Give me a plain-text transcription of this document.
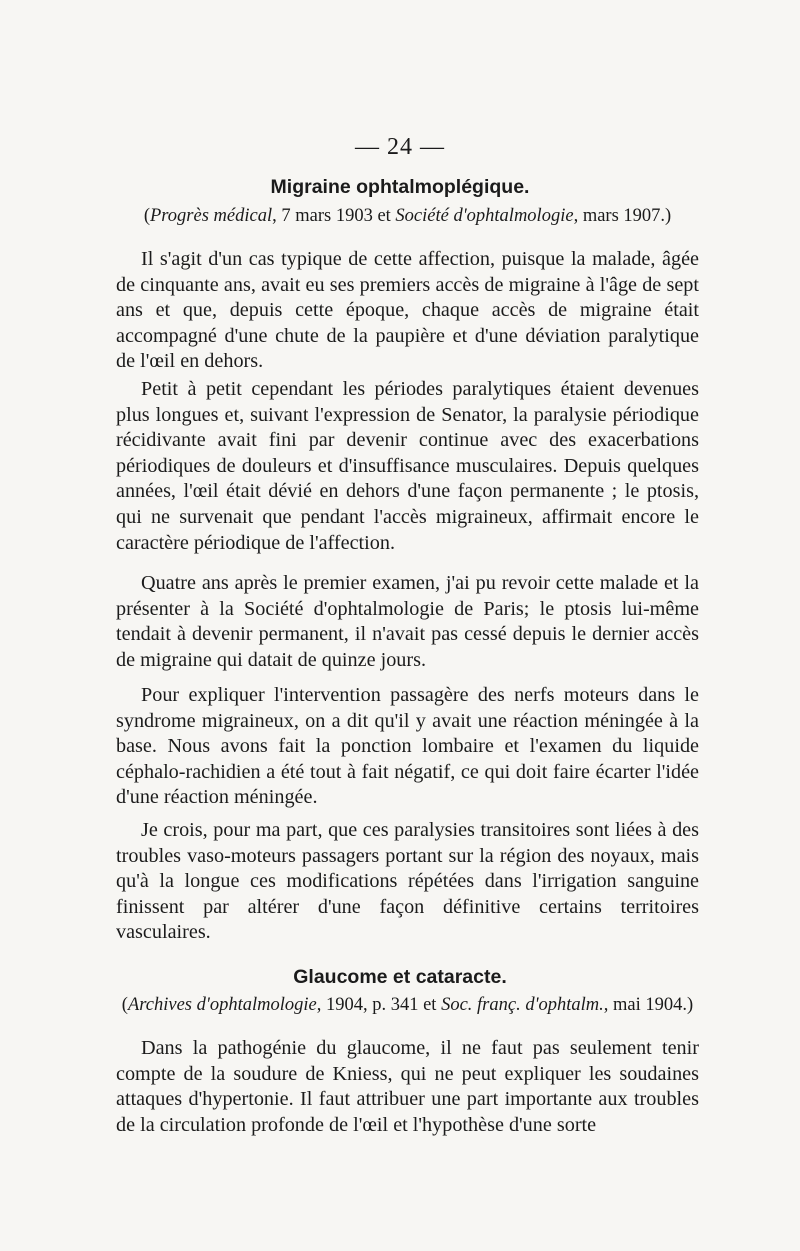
— 24 —
Migraine ophtalmoplégique.
(Progrès médical, 7 mars 1903 et Société d'ophtalmologie, mars 1907.)

Il s'agit d'un cas typique de cette affection, puisque la malade, âgée de cinquante ans, avait eu ses premiers accès de migraine à l'âge de sept ans et que, depuis cette époque, chaque accès de migraine était accompagné d'une chute de la paupière et d'une déviation paralytique de l'œil en dehors.

Petit à petit cependant les périodes paralytiques étaient devenues plus longues et, suivant l'expression de Senator, la paralysie périodique récidivante avait fini par devenir continue avec des exacerbations périodiques de douleurs et d'insuffisance musculaires. Depuis quelques années, l'œil était dévié en dehors d'une façon permanente ; le ptosis, qui ne survenait que pendant l'accès migraineux, affirmait encore le caractère périodique de l'affection.

Quatre ans après le premier examen, j'ai pu revoir cette malade et la présenter à la Société d'ophtalmologie de Paris; le ptosis lui-même tendait à devenir permanent, il n'avait pas cessé depuis le dernier accès de migraine qui datait de quinze jours.

Pour expliquer l'intervention passagère des nerfs moteurs dans le syndrome migraineux, on a dit qu'il y avait une réaction méningée à la base. Nous avons fait la ponction lombaire et l'examen du liquide céphalo-rachidien a été tout à fait négatif, ce qui doit faire écarter l'idée d'une réaction méningée.

Je crois, pour ma part, que ces paralysies transitoires sont liées à des troubles vaso-moteurs passagers portant sur la région des noyaux, mais qu'à la longue ces modifications répétées dans l'irrigation sanguine finissent par altérer d'une façon définitive certains territoires vasculaires.

Glaucome et cataracte.
(Archives d'ophtalmologie, 1904, p. 341 et Soc. franç. d'ophtalm., mai 1904.)

Dans la pathogénie du glaucome, il ne faut pas seulement tenir compte de la soudure de Kniess, qui ne peut expliquer les soudaines attaques d'hypertonie. Il faut attribuer une part importante aux troubles de la circulation profonde de l'œil et l'hypothèse d'une sorte
